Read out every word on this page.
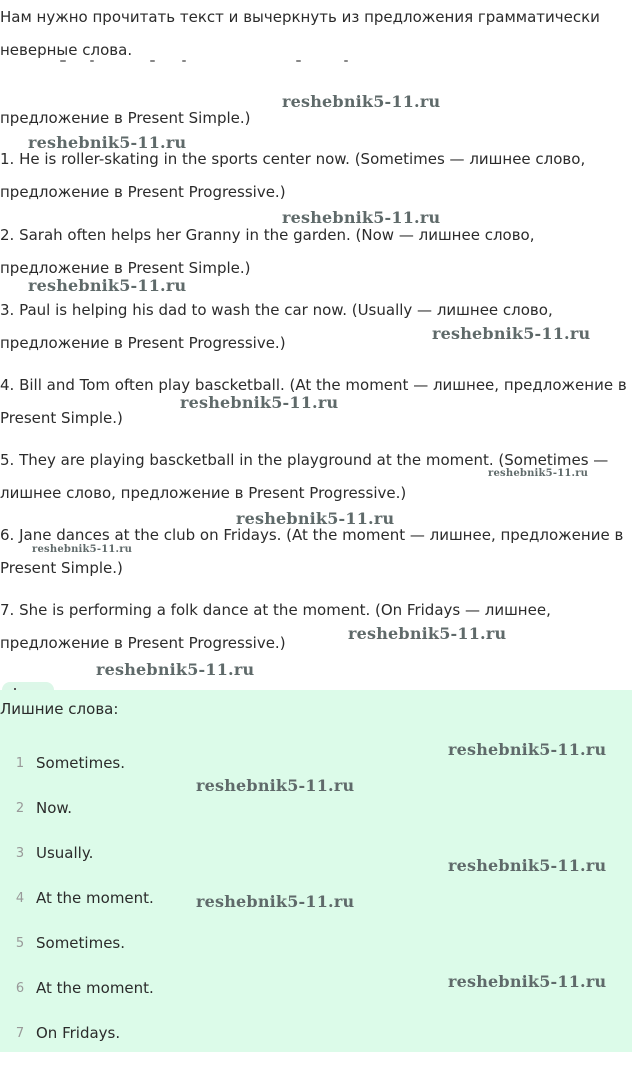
Нам нужно прочитать текст и вычеркнуть из предложения грамматически
неверные слова.
предложение в Present Simple.)
1. He is roller-skating in the sports center now. (Sometimes — лишнее слово,
предложение в Present Progressive.)
2. Sarah often helps her Granny in the garden. (Now — лишнее слово,
предложение в Present Simple.)
3. Paul is helping his dad to wash the car now. (Usually — лишнее слово,
предложение в Present Progressive.)
4. Bill and Tom often play bascketball. (At the moment — лишнее, предложение в
Present Simple.)
5. They are playing bascketball in the playground at the moment. (Sometimes —
лишнее слово, предложение в Present Progressive.)
6. Jane dances at the club on Fridays. (At the moment — лишнее, предложение в
Present Simple.)
7. She is performing a folk dance at the moment. (On Fridays — лишнее,
предложение в Present Progressive.)
Лишние слова:
1 Sometimes.
2 Now.
3 Usually.
4 At the moment.
5 Sometimes.
6 At the moment.
7 On Fridays.
reshebnik5-11.ru
reshebnik5-11.ru
reshebnik5-11.ru
reshebnik5-11.ru
reshebnik5-11.ru
reshebnik5-11.ru
reshebnik5-11.ru
reshebnik5-11.ru
reshebnik5-11.ru
reshebnik5-11.ru
reshebnik5-11.ru
reshebnik5-11.ru
reshebnik5-11.ru
reshebnik5-11.ru
reshebnik5-11.ru
reshebnik5-11.ru
